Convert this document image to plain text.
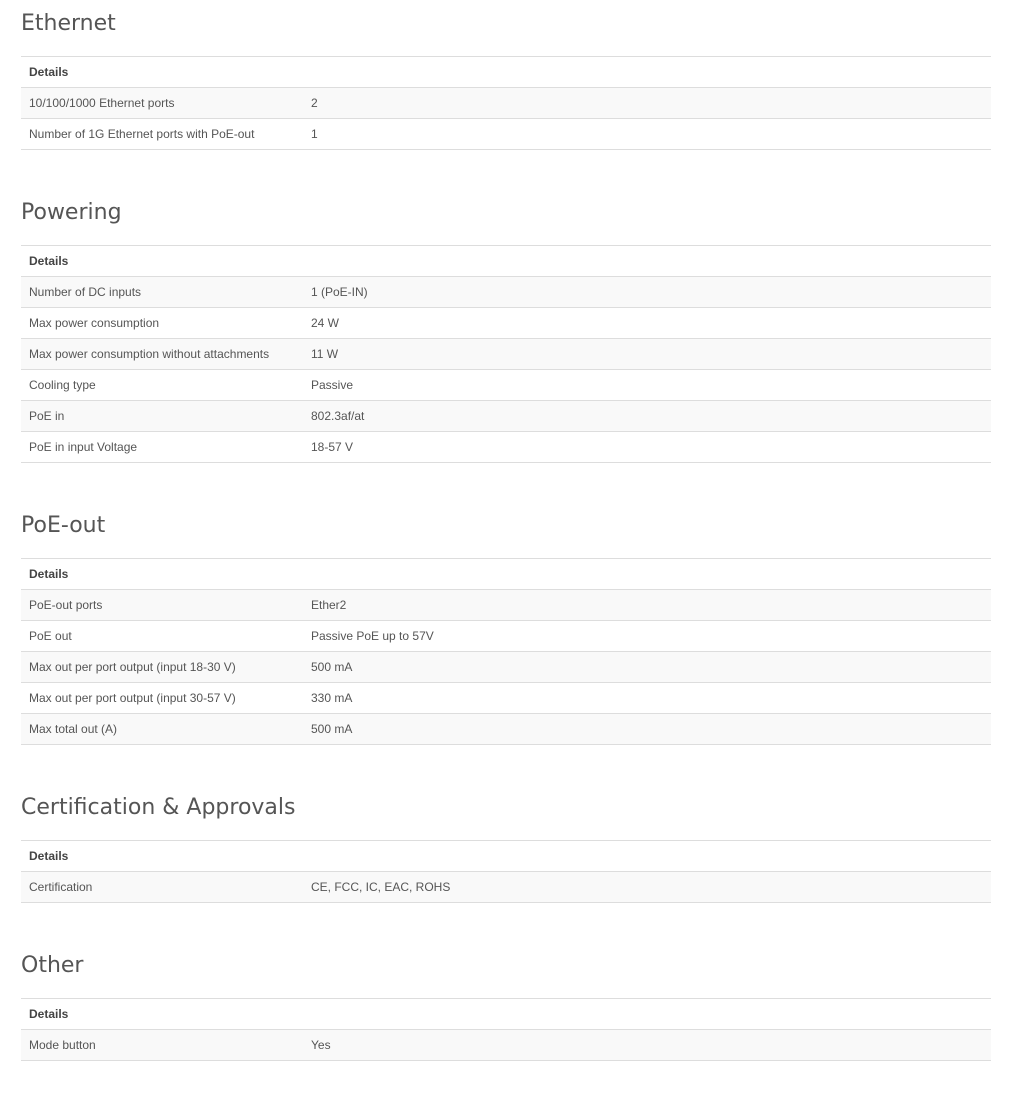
Ethernet
Details	
10/100/1000 Ethernet ports	2
Number of 1G Ethernet ports with PoE-out	1
Powering
Details	
Number of DC inputs	1 (PoE-IN)
Max power consumption	24 W
Max power consumption without attachments	11 W
Cooling type	Passive
PoE in	802.3af/at
PoE in input Voltage	18-57 V
PoE-out
Details	
PoE-out ports	Ether2
PoE out	Passive PoE up to 57V
Max out per port output (input 18-30 V)	500 mA
Max out per port output (input 30-57 V)	330 mA
Max total out (A)	500 mA
Certification & Approvals
Details
Certification	CE, FCC, IC, EAC, ROHS
Other
Details
Mode button	Yes
